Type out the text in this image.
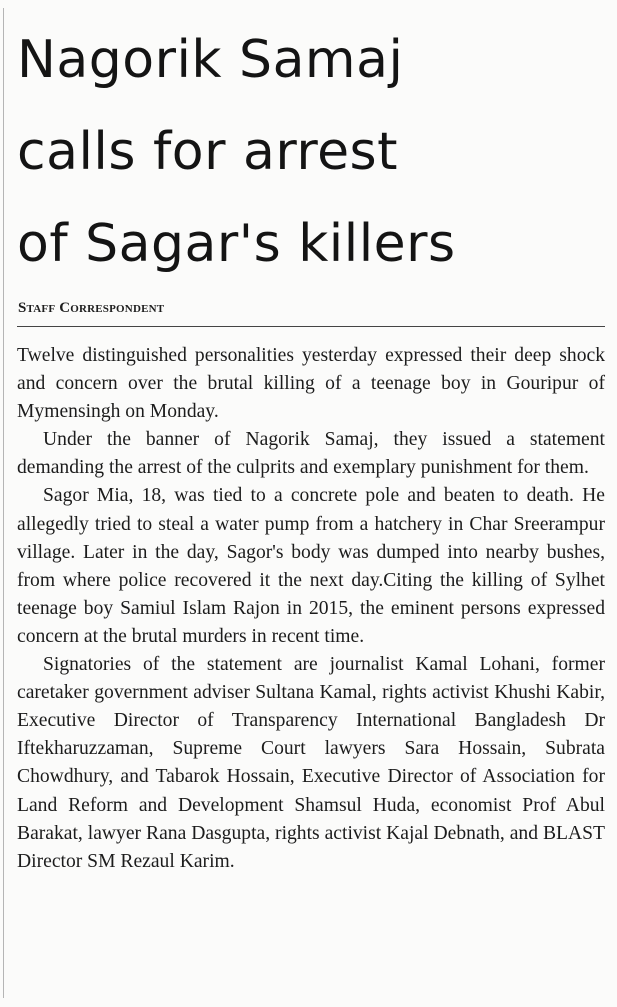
Nagorik Samaj
calls for arrest
of Sagar's killers
Staff Correspondent

Twelve distinguished personalities yesterday expressed their deep shock and concern over the brutal killing of a teenage boy in Gouripur of Mymensingh on Monday.

Under the banner of Nagorik Samaj, they issued a statement demanding the arrest of the culprits and exemplary punishment for them.

Sagor Mia, 18, was tied to a concrete pole and beaten to death. He allegedly tried to steal a water pump from a hatchery in Char Sreerampur village. Later in the day, Sagor's body was dumped into nearby bushes, from where police recovered it the next day.Citing the killing of Sylhet teenage boy Samiul Islam Rajon in 2015, the eminent persons expressed concern at the brutal murders in recent time.

Signatories of the statement are journalist Kamal Lohani, former caretaker government adviser Sultana Kamal, rights activist Khushi Kabir, Executive Director of Transparency International Bangladesh Dr Iftekharuzzaman, Supreme Court lawyers Sara Hossain, Subrata Chowdhury, and Tabarok Hossain, Executive Director of Association for Land Reform and Development Shamsul Huda, economist Prof Abul Barakat, lawyer Rana Dasgupta, rights activist Kajal Debnath, and BLAST Director SM Rezaul Karim.
